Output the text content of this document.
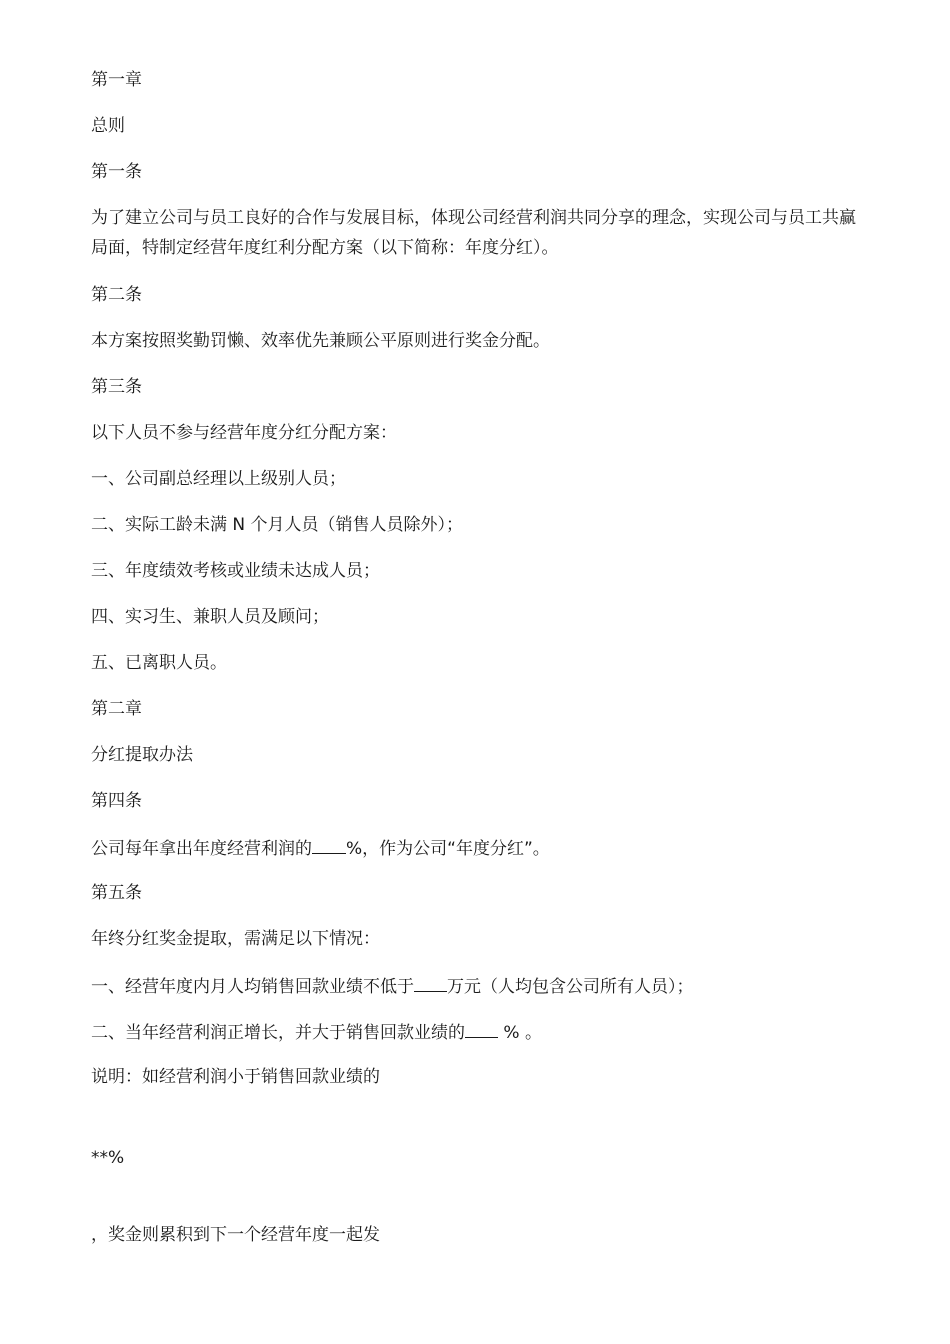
第一章
总则
第一条
为了建立公司与员工良好的合作与发展目标，体现公司经营利润共同分享的理念，实现公司与员工共赢局面，特制定经营年度红利分配方案（以下简称：年度分红）。
第二条
本方案按照奖勤罚懒、效率优先兼顾公平原则进行奖金分配。
第三条
以下人员不参与经营年度分红分配方案：
一、公司副总经理以上级别人员；
二、实际工龄未满 N 个月人员（销售人员除外）；
三、年度绩效考核或业绩未达成人员；
四、实习生、兼职人员及顾问；
五、已离职人员。
第二章
分红提取办法
第四条
公司每年拿出年度经营利润的 %，作为公司“年度分红”。
第五条
年终分红奖金提取，需满足以下情况：
一、经营年度内月人均销售回款业绩不低于 万元（人均包含公司所有人员）；
二、当年经营利润正增长，并大于销售回款业绩的 % 。
说明：如经营利润小于销售回款业绩的
**%
，奖金则累积到下一个经营年度一起发
